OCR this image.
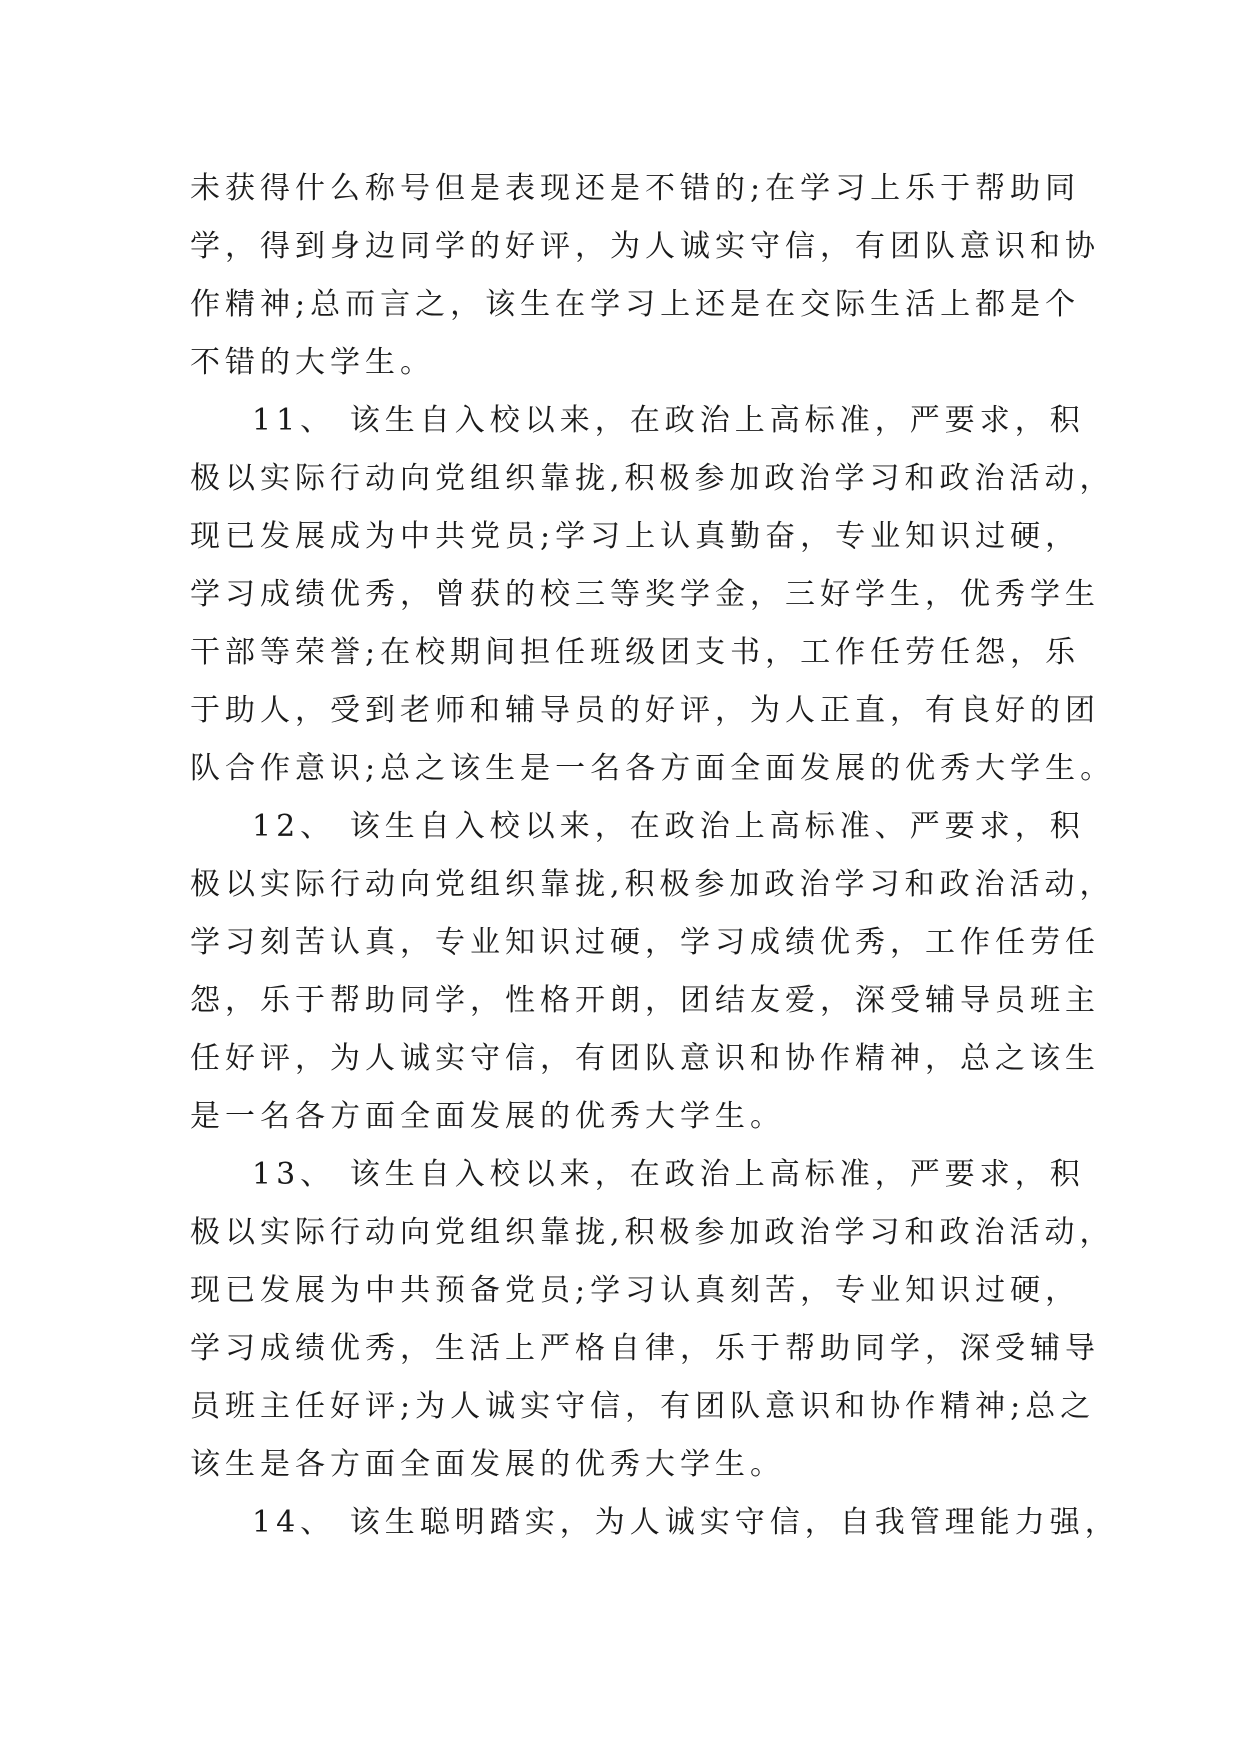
未获得什么称号但是表现还是不错的;在学习上乐于帮助同
学，得到身边同学的好评，为人诚实守信，有团队意识和协
作精神;总而言之，该生在学习上还是在交际生活上都是个
不错的大学生。
11、 该生自入校以来，在政治上高标准，严要求，积
极以实际行动向党组织靠拢,积极参加政治学习和政治活动，
现已发展成为中共党员;学习上认真勤奋，专业知识过硬，
学习成绩优秀，曾获的校三等奖学金，三好学生，优秀学生
干部等荣誉;在校期间担任班级团支书，工作任劳任怨，乐
于助人，受到老师和辅导员的好评，为人正直，有良好的团
队合作意识;总之该生是一名各方面全面发展的优秀大学生。
12、 该生自入校以来，在政治上高标准、严要求，积
极以实际行动向党组织靠拢,积极参加政治学习和政治活动，
学习刻苦认真，专业知识过硬，学习成绩优秀，工作任劳任
怨，乐于帮助同学，性格开朗，团结友爱，深受辅导员班主
任好评，为人诚实守信，有团队意识和协作精神，总之该生
是一名各方面全面发展的优秀大学生。
13、 该生自入校以来，在政治上高标准，严要求，积
极以实际行动向党组织靠拢,积极参加政治学习和政治活动，
现已发展为中共预备党员;学习认真刻苦，专业知识过硬，
学习成绩优秀，生活上严格自律，乐于帮助同学，深受辅导
员班主任好评;为人诚实守信，有团队意识和协作精神;总之
该生是各方面全面发展的优秀大学生。
14、 该生聪明踏实，为人诚实守信，自我管理能力强，
